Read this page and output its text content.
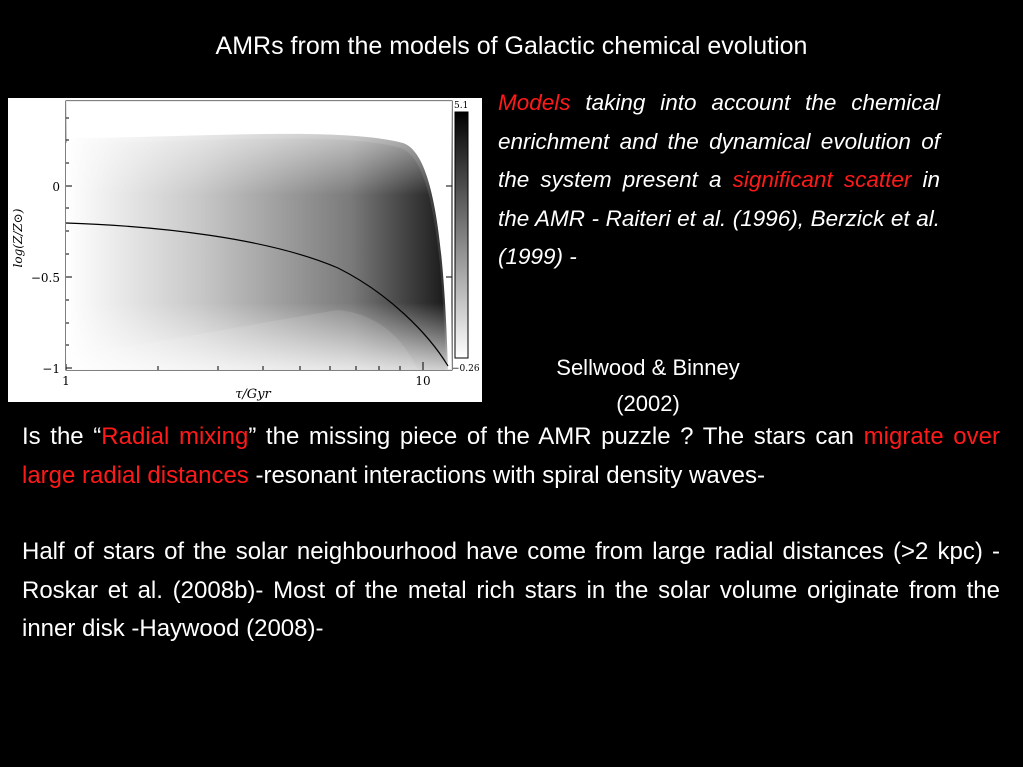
AMRs from the models of Galactic chemical evolution
0
−0.5
−1
1	10
τ/Gyr
log(Z/Z⊙)
5.1
−0.26
Models taking into account the chemical enrichment and the dynamical evolution of the system present a significant scatter in the AMR - Raiteri et al. (1996), Berzick et al. (1999) -
Sellwood & Binney
(2002)

Is the “Radial mixing” the missing piece of the AMR puzzle ? The stars can migrate over large radial distances -resonant interactions with spiral density waves-

Half of stars of the solar neighbourhood have come from large radial distances (>2 kpc) -Roskar et al. (2008b)- Most of the metal rich stars in the solar volume originate from the inner disk -Haywood (2008)-
